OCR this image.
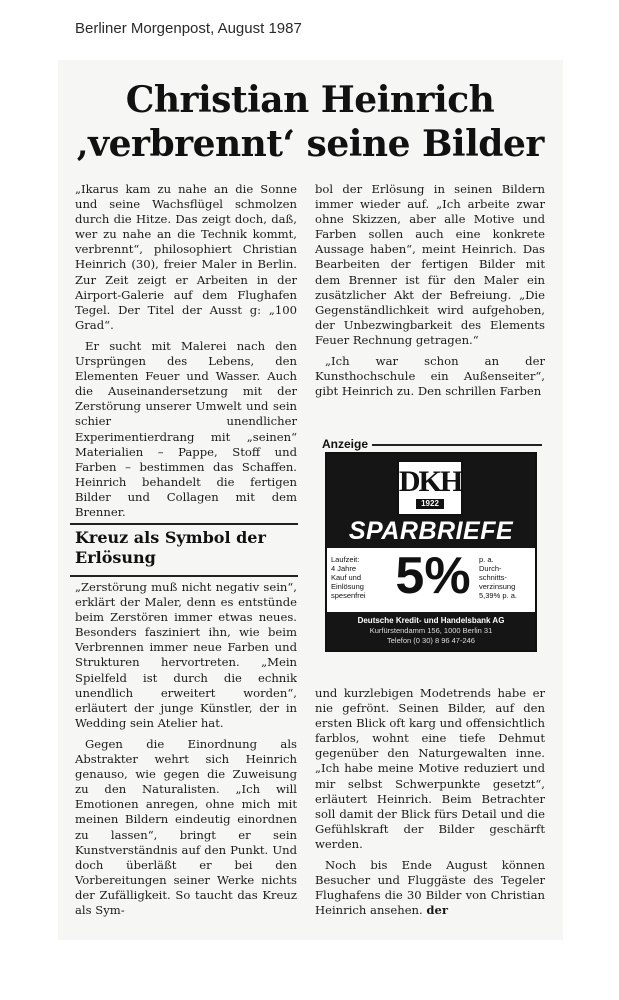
Berliner Morgenpost, August 1987
Christian Heinrich
‚verbrennt‘ seine Bilder

„Ikarus kam zu nahe an die Sonne und seine Wachsflügel schmolzen durch die Hitze. Das zeigt doch, daß, wer zu nahe an die Technik kommt, verbrennt“, philosophiert Christian Heinrich (30), freier Maler in Berlin. Zur Zeit zeigt er Arbeiten in der Airport-Galerie auf dem Flughafen Tegel. Der Titel der Ausst g: „100 Grad“.

Er sucht mit Malerei nach den Ursprüngen des Lebens, den Elementen Feuer und Wasser. Auch die Auseinandersetzung mit der Zerstörung unserer Umwelt und sein schier unendlicher Experimentierdrang mit „seinen“ Materialien – Pappe, Stoff und Farben – bestimmen das Schaffen. Heinrich behandelt die fertigen Bilder und Collagen mit dem Brenner.

Kreuz als Symbol der Erlösung

„Zerstörung muß nicht negativ sein“, erklärt der Maler, denn es entstünde beim Zerstören immer etwas neues. Besonders fasziniert ihn, wie beim Verbrennen immer neue Farben und Strukturen hervortreten. „Mein Spielfeld ist durch die echnik unendlich erweitert worden“, erläutert der junge Künstler, der in Wedding sein Atelier hat.

Gegen die Einordnung als Abstrakter wehrt sich Heinrich genauso, wie gegen die Zuweisung zu den Naturalisten. „Ich will Emotionen anregen, ohne mich mit meinen Bildern eindeutig einordnen zu lassen“, bringt er sein Kunstverständnis auf den Punkt. Und doch überläßt er bei den Vorbereitungen seiner Werke nichts der Zufälligkeit. So taucht das Kreuz als Sym-

bol der Erlösung in seinen Bildern immer wieder auf. „Ich arbeite zwar ohne Skizzen, aber alle Motive und Farben sollen auch eine konkrete Aussage haben“, meint Heinrich. Das Bearbeiten der fertigen Bilder mit dem Brenner ist für den Maler ein zusätzlicher Akt der Befreiung. „Die Gegenständlichkeit wird aufgehoben, der Unbezwingbarkeit des Elements Feuer Rechnung getragen.“

„Ich war schon an der Kunsthochschule ein Außenseiter“, gibt Heinrich zu. Den schrillen Farben

Anzeige
DKH
1922
SPARBRIEFE
Laufzeit:
4 Jahre
Kauf und
Einlösung
spesenfrei 5%	p. a.
Durch-
schnitts-
verzinsung
5,39% p. a.
Deutsche Kredit- und Handelsbank AG
Kurfürstendamm 156, 1000 Berlin 31
Telefon (0 30) 8 96 47-246

und kurzlebigen Modetrends habe er nie gefrönt. Seinen Bilder, auf den ersten Blick oft karg und offensichtlich farblos, wohnt eine tiefe Dehmut gegenüber den Naturgewalten inne. „Ich habe meine Motive reduziert und mir selbst Schwerpunkte gesetzt“, erläutert Heinrich. Beim Betrachter soll damit der Blick fürs Detail und die Gefühlskraft der Bilder geschärft werden.

Noch bis Ende August können Besucher und Fluggäste des Tegeler Flughafens die 30 Bilder von Christian Heinrich ansehen. der
